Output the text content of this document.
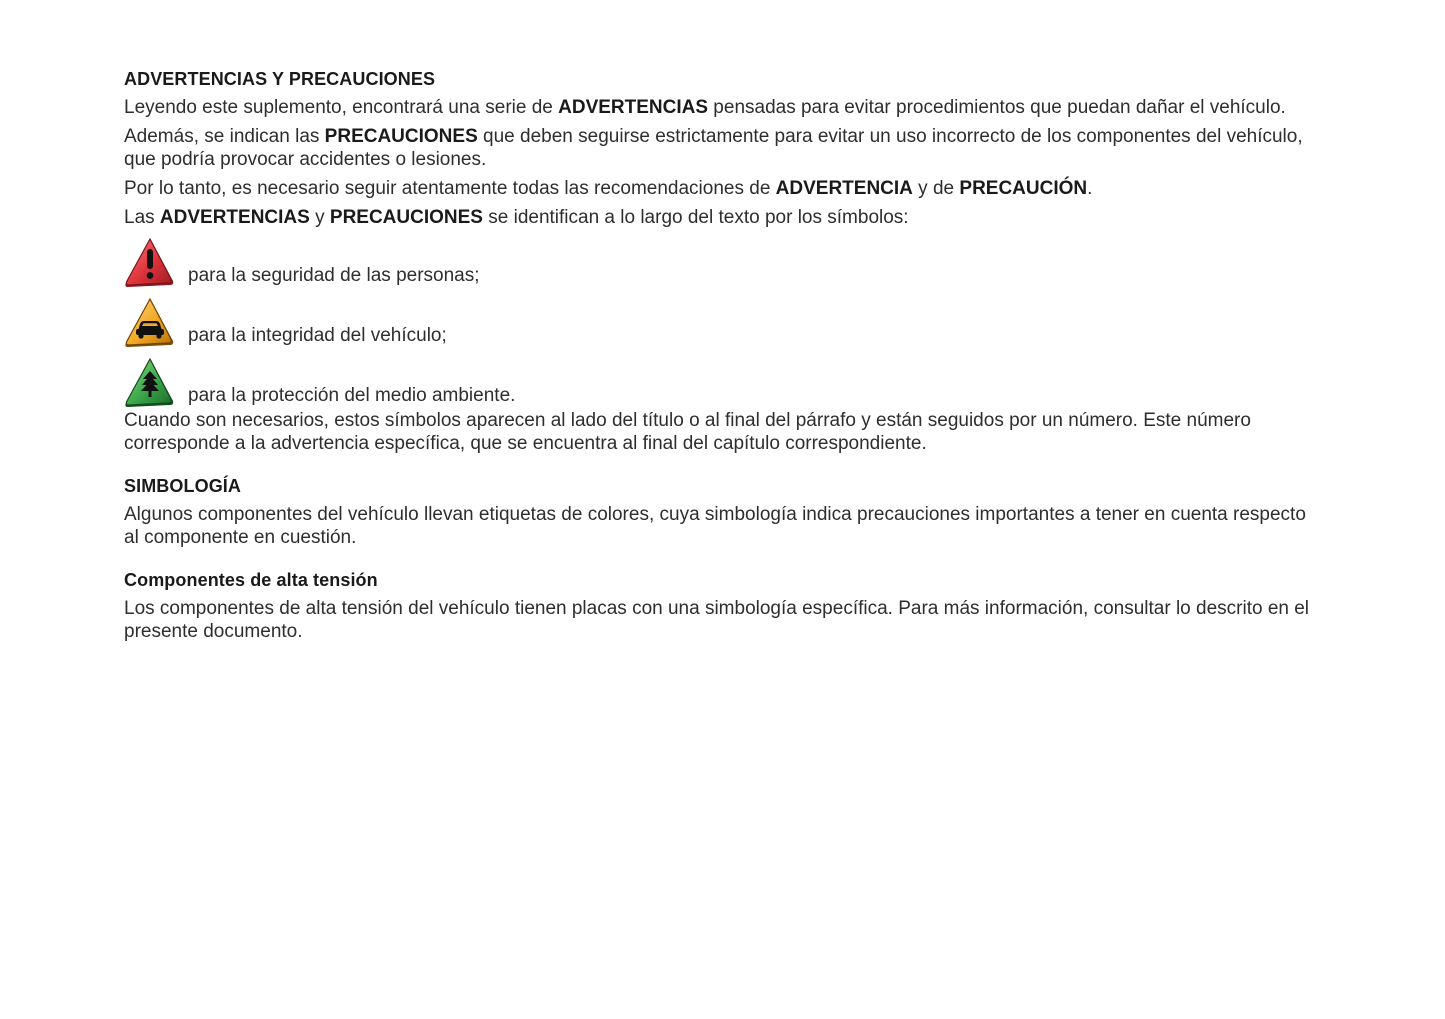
ADVERTENCIAS Y PRECAUCIONES

Leyendo este suplemento, encontrará una serie de ADVERTENCIAS pensadas para evitar procedimientos que puedan dañar el vehículo.

Además, se indican las PRECAUCIONES que deben seguirse estrictamente para evitar un uso incorrecto de los componentes del vehículo, que podría provocar accidentes o lesiones.

Por lo tanto, es necesario seguir atentamente todas las recomendaciones de ADVERTENCIA y de PRECAUCIÓN.

Las ADVERTENCIAS y PRECAUCIONES se identifican a lo largo del texto por los símbolos:

para la seguridad de las personas;
para la integridad del vehículo;
para la protección del medio ambiente.

Cuando son necesarios, estos símbolos aparecen al lado del título o al final del párrafo y están seguidos por un número. Este número corresponde a la advertencia específica, que se encuentra al final del capítulo correspondiente.

SIMBOLOGÍA

Algunos componentes del vehículo llevan etiquetas de colores, cuya simbología indica precauciones importantes a tener en cuenta respecto al componente en cuestión.

Componentes de alta tensión

Los componentes de alta tensión del vehículo tienen placas con una simbología específica. Para más información, consultar lo descrito en el presente documento.
